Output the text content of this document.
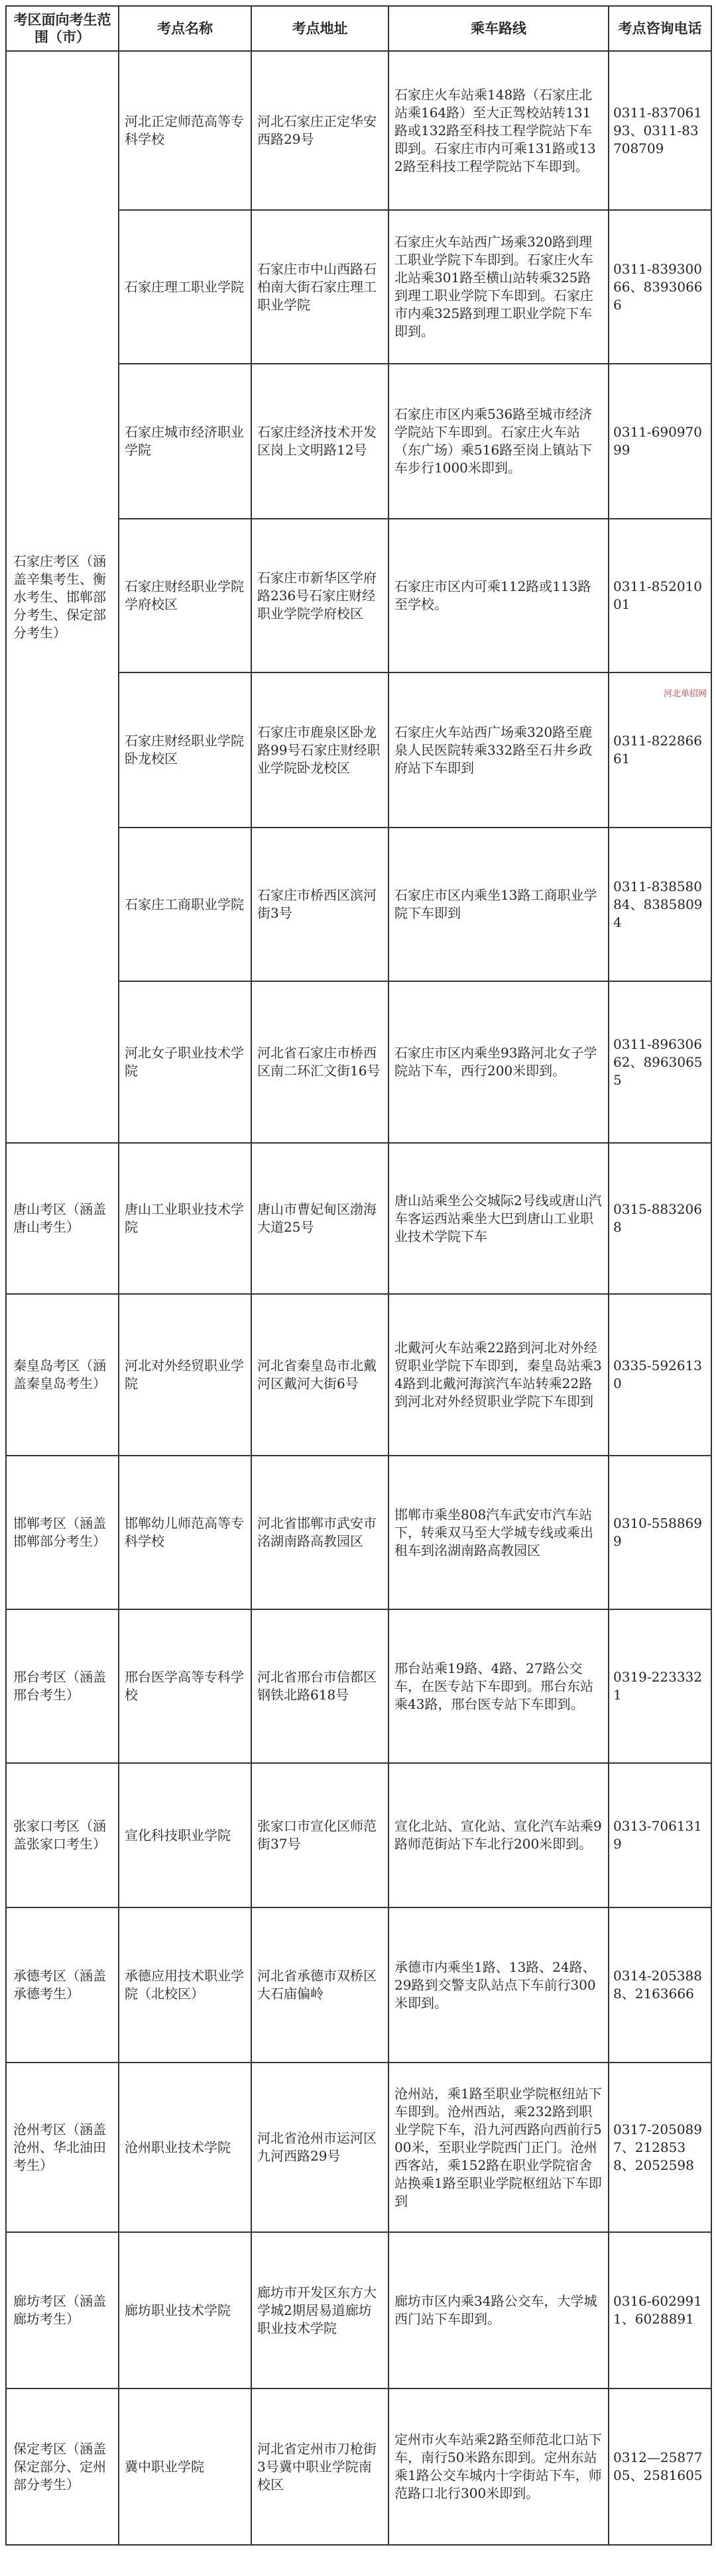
考区面向考生范围（市）	考点名称	考点地址	乘车路线	考点咨询电话
石家庄考区（涵盖辛集考生、衡水考生、邯郸部分考生、保定部分考生）	河北正定师范高等专科学校	河北石家庄正定华安西路29号	石家庄火车站乘148路（石家庄北站乘164路）至大正驾校站转131路或132路至科技工程学院站下车即到。石家庄市内可乘131路或132路至科技工程学院站下车即到。	0311-83706193、0311-83708709
	石家庄理工职业学院	石家庄市中山西路石柏南大街石家庄理工职业学院	石家庄火车站西广场乘320路到理工职业学院下车即到。石家庄火车北站乘301路至横山站转乘325路到理工职业学院下车即到。石家庄市内乘325路到理工职业学院下车即到。	0311-83930066、83930666
	石家庄城市经济职业学院	石家庄经济技术开发区岗上文明路12号	石家庄市区内乘536路至城市经济学院站下车即到。石家庄火车站（东广场）乘516路至岗上镇站下车步行1000米即到。	0311-69097099
	石家庄财经职业学院学府校区	石家庄市新华区学府路236号石家庄财经职业学院学府校区	石家庄市区内可乘112路或113路至学校。	0311-85201001
	石家庄财经职业学院卧龙校区	石家庄市鹿泉区卧龙路99号石家庄财经职业学院卧龙校区	石家庄火车站西广场乘320路至鹿泉人民医院转乘332路至石井乡政府站下车即到	0311-82286661
	石家庄工商职业学院	石家庄市桥西区滨河街3号	石家庄市区内乘坐13路工商职业学院下车即到	0311-83858084、83858094
	河北女子职业技术学院	河北省石家庄市桥西区南二环汇文街16号	石家庄市区内乘坐93路河北女子学院站下车，西行200米即到。	0311-89630662、89630655
唐山考区（涵盖唐山考生）	唐山工业职业技术学院	唐山市曹妃甸区渤海大道25号	唐山站乘坐公交城际2号线或唐山汽车客运西站乘坐大巴到唐山工业职业技术学院下车	0315-8832068
秦皇岛考区（涵盖秦皇岛考生）	河北对外经贸职业学院	河北省秦皇岛市北戴河区戴河大街6号	北戴河火车站乘22路到河北对外经贸职业学院下车即到，秦皇岛站乘34路到北戴河海滨汽车站转乘22路到河北对外经贸职业学院下车即到	0335-5926130
邯郸考区（涵盖邯郸部分考生）	邯郸幼儿师范高等专科学校	河北省邯郸市武安市洺湖南路高教园区	邯郸市乘坐808汽车武安市汽车站下，转乘双马至大学城专线或乘出租车到洺湖南路高教园区	0310-5588699
邢台考区（涵盖邢台考生）	邢台医学高等专科学校	河北省邢台市信都区钢铁北路618号	邢台站乘19路、4路、27路公交车，在医专站下车即到。邢台东站乘43路，邢台医专站下车即到。	0319-2233321
张家口考区（涵盖张家口考生）	宣化科技职业学院	张家口市宣化区师范街37号	宣化北站、宣化站、宣化汽车站乘9路师范街站下车北行200米即到。	0313-7061319
承德考区（涵盖承德考生）	承德应用技术职业学院（北校区）	河北省承德市双桥区大石庙偏岭	承德市内乘坐1路、13路、24路、29路到交警支队站点下车前行300米即到。	0314-2053888、2163666
沧州考区（涵盖沧州、华北油田考生）	沧州职业技术学院	河北省沧州市运河区九河西路29号	沧州站，乘1路至职业学院枢纽站下车即到。沧州西站，乘232路到职业学院下车，沿九河西路向西前行500米，至职业学院西门正门。沧州西客站，乘152路在职业学院宿舍站换乘1路至职业学院枢纽站下车即到	0317-2050897、2128538、2052598
廊坊考区（涵盖廊坊考生）	廊坊职业技术学院	廊坊市开发区东方大学城2期居易道廊坊职业技术学院	廊坊市区内乘34路公交车，大学城西门站下车即到。	0316-6029911、6028891
保定考区（涵盖保定部分、定州部分考生）	冀中职业学院	河北省定州市刀枪街3号冀中职业学院南校区	定州市火车站乘2路至师范北口站下车，南行50米路东即到。定州东站乘1路公交车城内十字街站下车，师范路口北行300米即到。	0312—2587705、2581605
河北单招网
